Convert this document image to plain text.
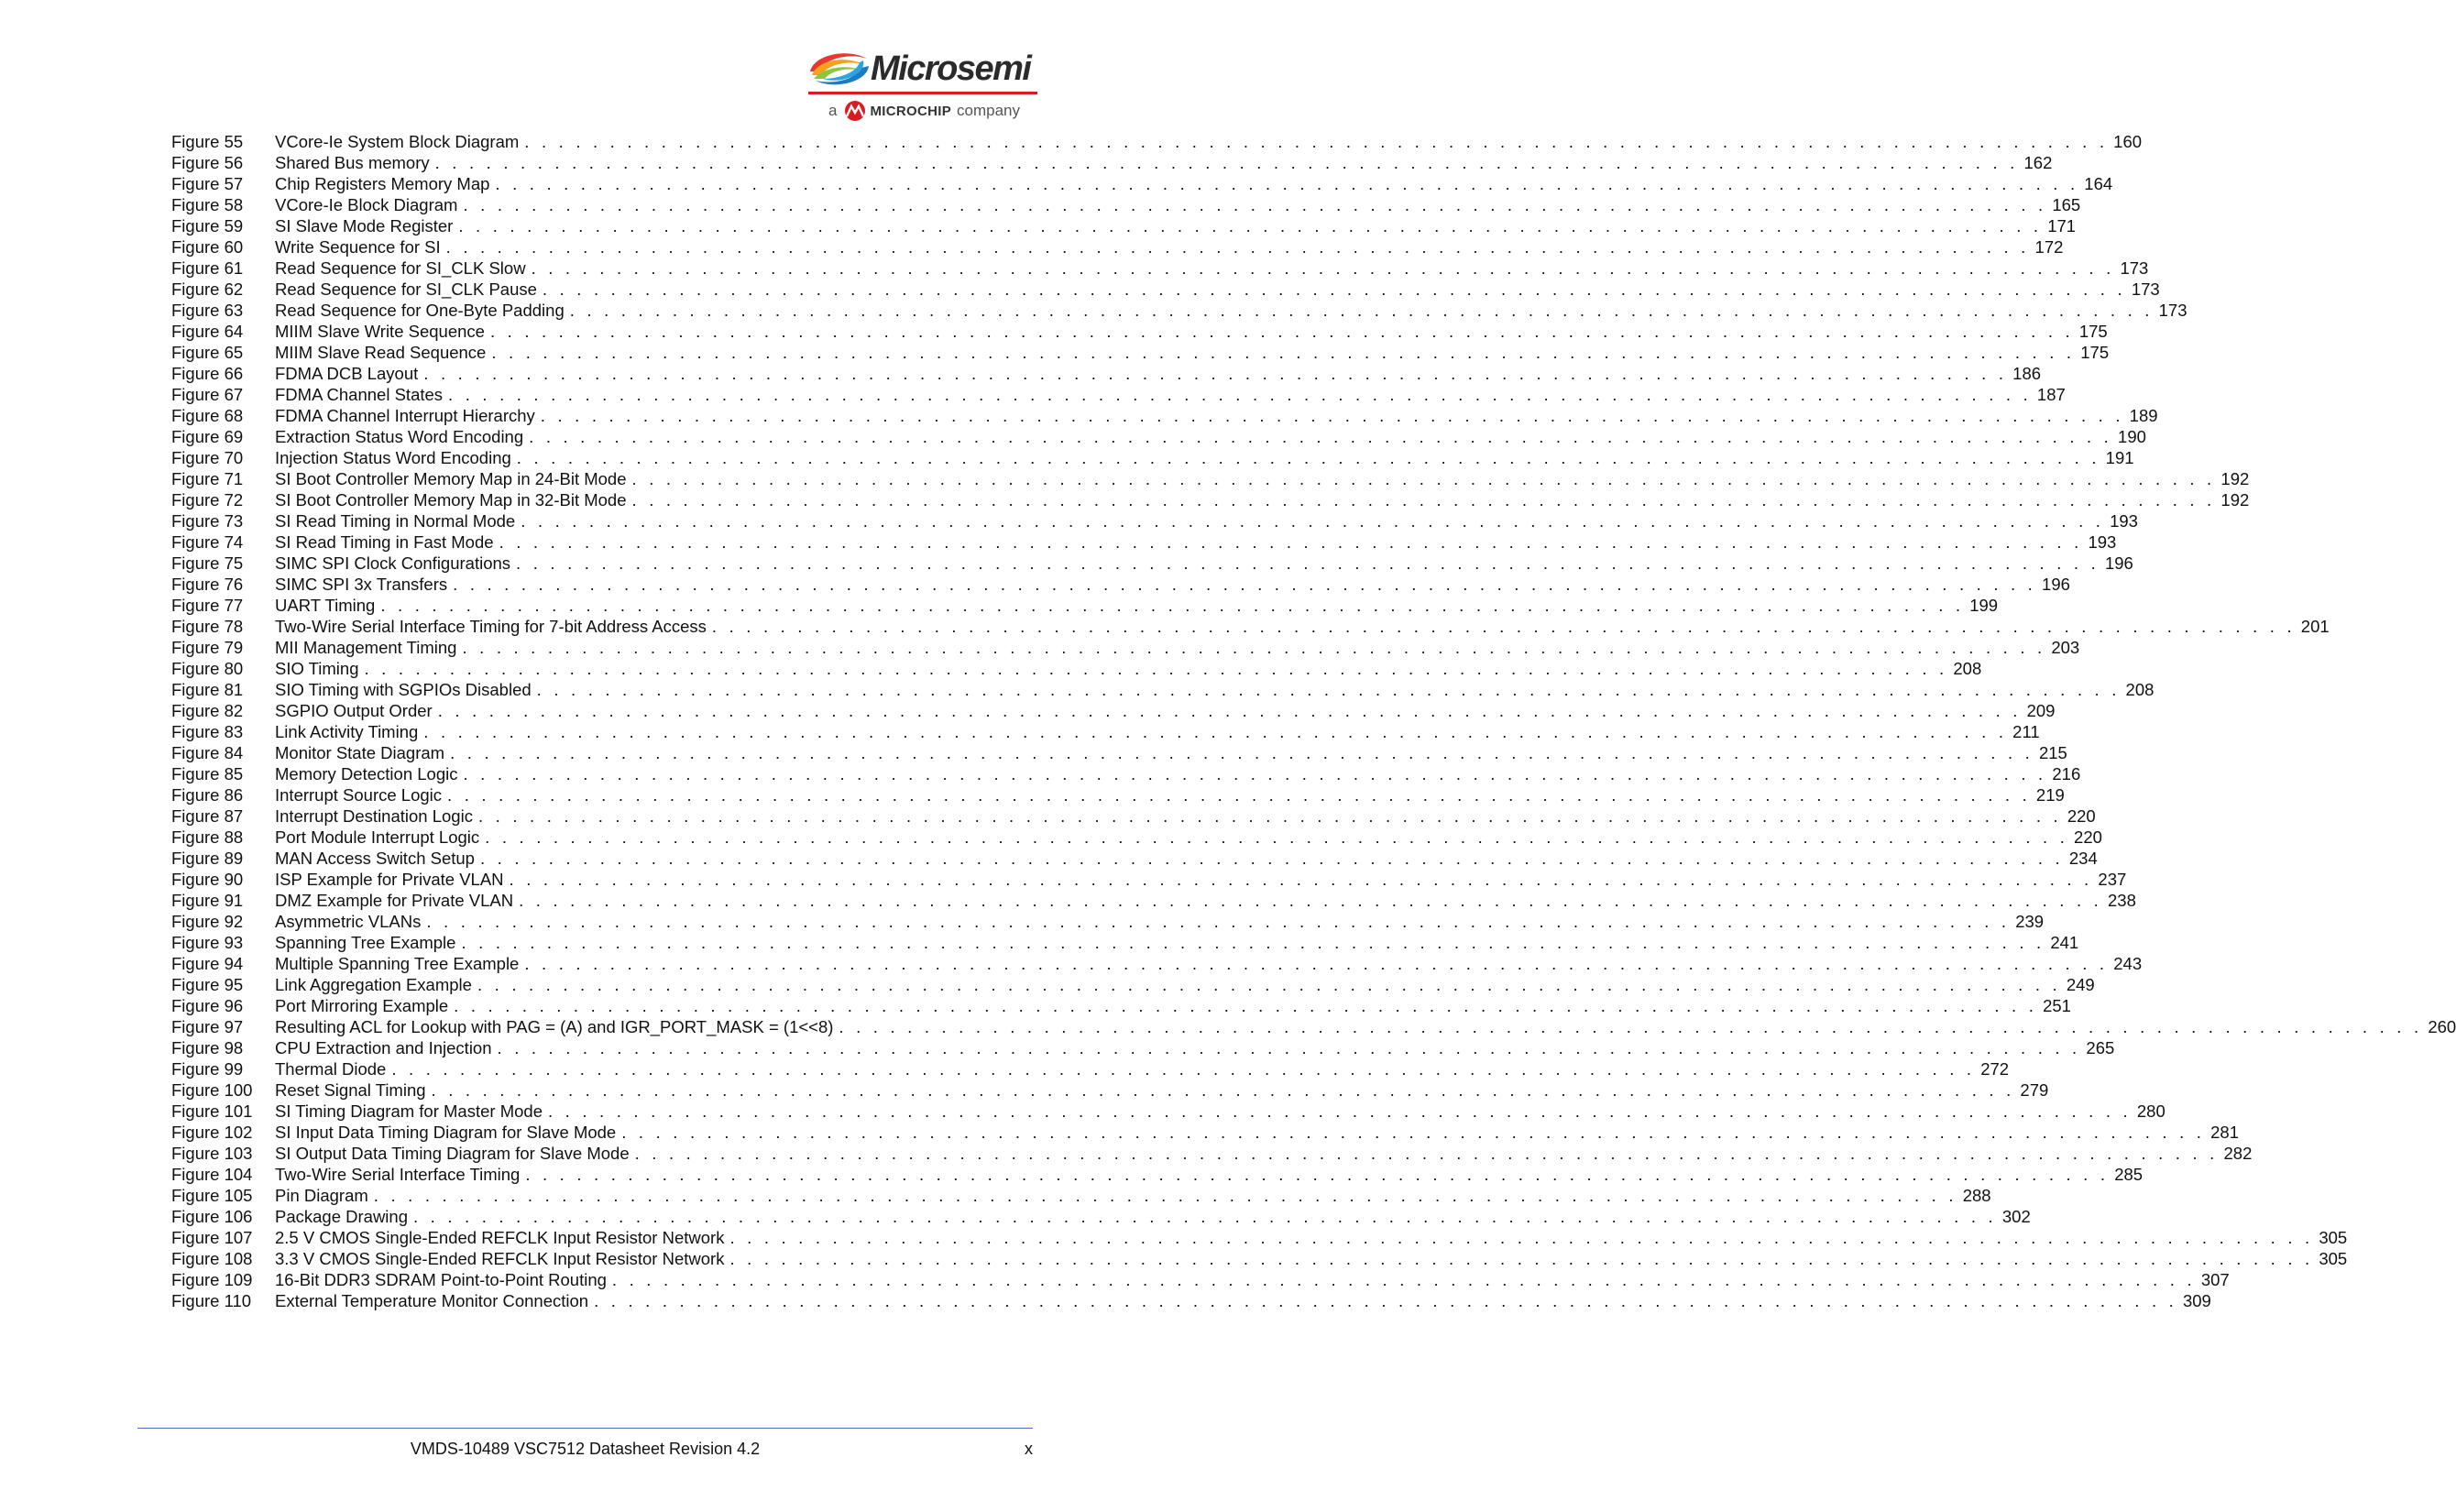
Microsemi
a MICROCHIP company
Figure 55	VCore-Ie System Block Diagram . . .	160
Figure 56	Shared Bus memory . . .	162
Figure 57	Chip Registers Memory Map . . .	164
Figure 58	VCore-Ie Block Diagram . . .	165
Figure 59	SI Slave Mode Register . . .	171
Figure 60	Write Sequence for SI . . .	172
Figure 61	Read Sequence for SI_CLK Slow . . .	173
Figure 62	Read Sequence for SI_CLK Pause . . .	173
Figure 63	Read Sequence for One-Byte Padding . . .	173
Figure 64	MIIM Slave Write Sequence . . .	175
Figure 65	MIIM Slave Read Sequence . . .	175
Figure 66	FDMA DCB Layout . . .	186
Figure 67	FDMA Channel States . . .	187
Figure 68	FDMA Channel Interrupt Hierarchy . . .	189
Figure 69	Extraction Status Word Encoding . . .	190
Figure 70	Injection Status Word Encoding . . .	191
Figure 71	SI Boot Controller Memory Map in 24-Bit Mode . . .	192
Figure 72	SI Boot Controller Memory Map in 32-Bit Mode . . .	192
Figure 73	SI Read Timing in Normal Mode . . .	193
Figure 74	SI Read Timing in Fast Mode . . .	193
Figure 75	SIMC SPI Clock Configurations . . .	196
Figure 76	SIMC SPI 3x Transfers . . .	196
Figure 77	UART Timing . . .	199
Figure 78	Two-Wire Serial Interface Timing for 7-bit Address Access . . .	201
Figure 79	MII Management Timing . . .	203
Figure 80	SIO Timing . . .	208
Figure 81	SIO Timing with SGPIOs Disabled . . .	208
Figure 82	SGPIO Output Order . . .	209
Figure 83	Link Activity Timing . . .	211
Figure 84	Monitor State Diagram . . .	215
Figure 85	Memory Detection Logic . . .	216
Figure 86	Interrupt Source Logic . . .	219
Figure 87	Interrupt Destination Logic . . .	220
Figure 88	Port Module Interrupt Logic . . .	220
Figure 89	MAN Access Switch Setup . . .	234
Figure 90	ISP Example for Private VLAN . . .	237
Figure 91	DMZ Example for Private VLAN . . .	238
Figure 92	Asymmetric VLANs . . .	239
Figure 93	Spanning Tree Example . . .	241
Figure 94	Multiple Spanning Tree Example . . .	243
Figure 95	Link Aggregation Example . . .	249
Figure 96	Port Mirroring Example . . .	251
Figure 97	Resulting ACL for Lookup with PAG = (A) and IGR_PORT_MASK = (1<<8) . . .	260
Figure 98	CPU Extraction and Injection . . .	265
Figure 99	Thermal Diode . . .	272
Figure 100	Reset Signal Timing . . .	279
Figure 101	SI Timing Diagram for Master Mode . . .	280
Figure 102	SI Input Data Timing Diagram for Slave Mode . . .	281
Figure 103	SI Output Data Timing Diagram for Slave Mode . . .	282
Figure 104	Two-Wire Serial Interface Timing . . .	285
Figure 105	Pin Diagram . . .	288
Figure 106	Package Drawing . . .	302
Figure 107	2.5 V CMOS Single-Ended REFCLK Input Resistor Network . . .	305
Figure 108	3.3 V CMOS Single-Ended REFCLK Input Resistor Network . . .	305
Figure 109	16-Bit DDR3 SDRAM Point-to-Point Routing . . .	307
Figure 110	External Temperature Monitor Connection . . .	309
VMDS-10489 VSC7512 Datasheet Revision 4.2	x
